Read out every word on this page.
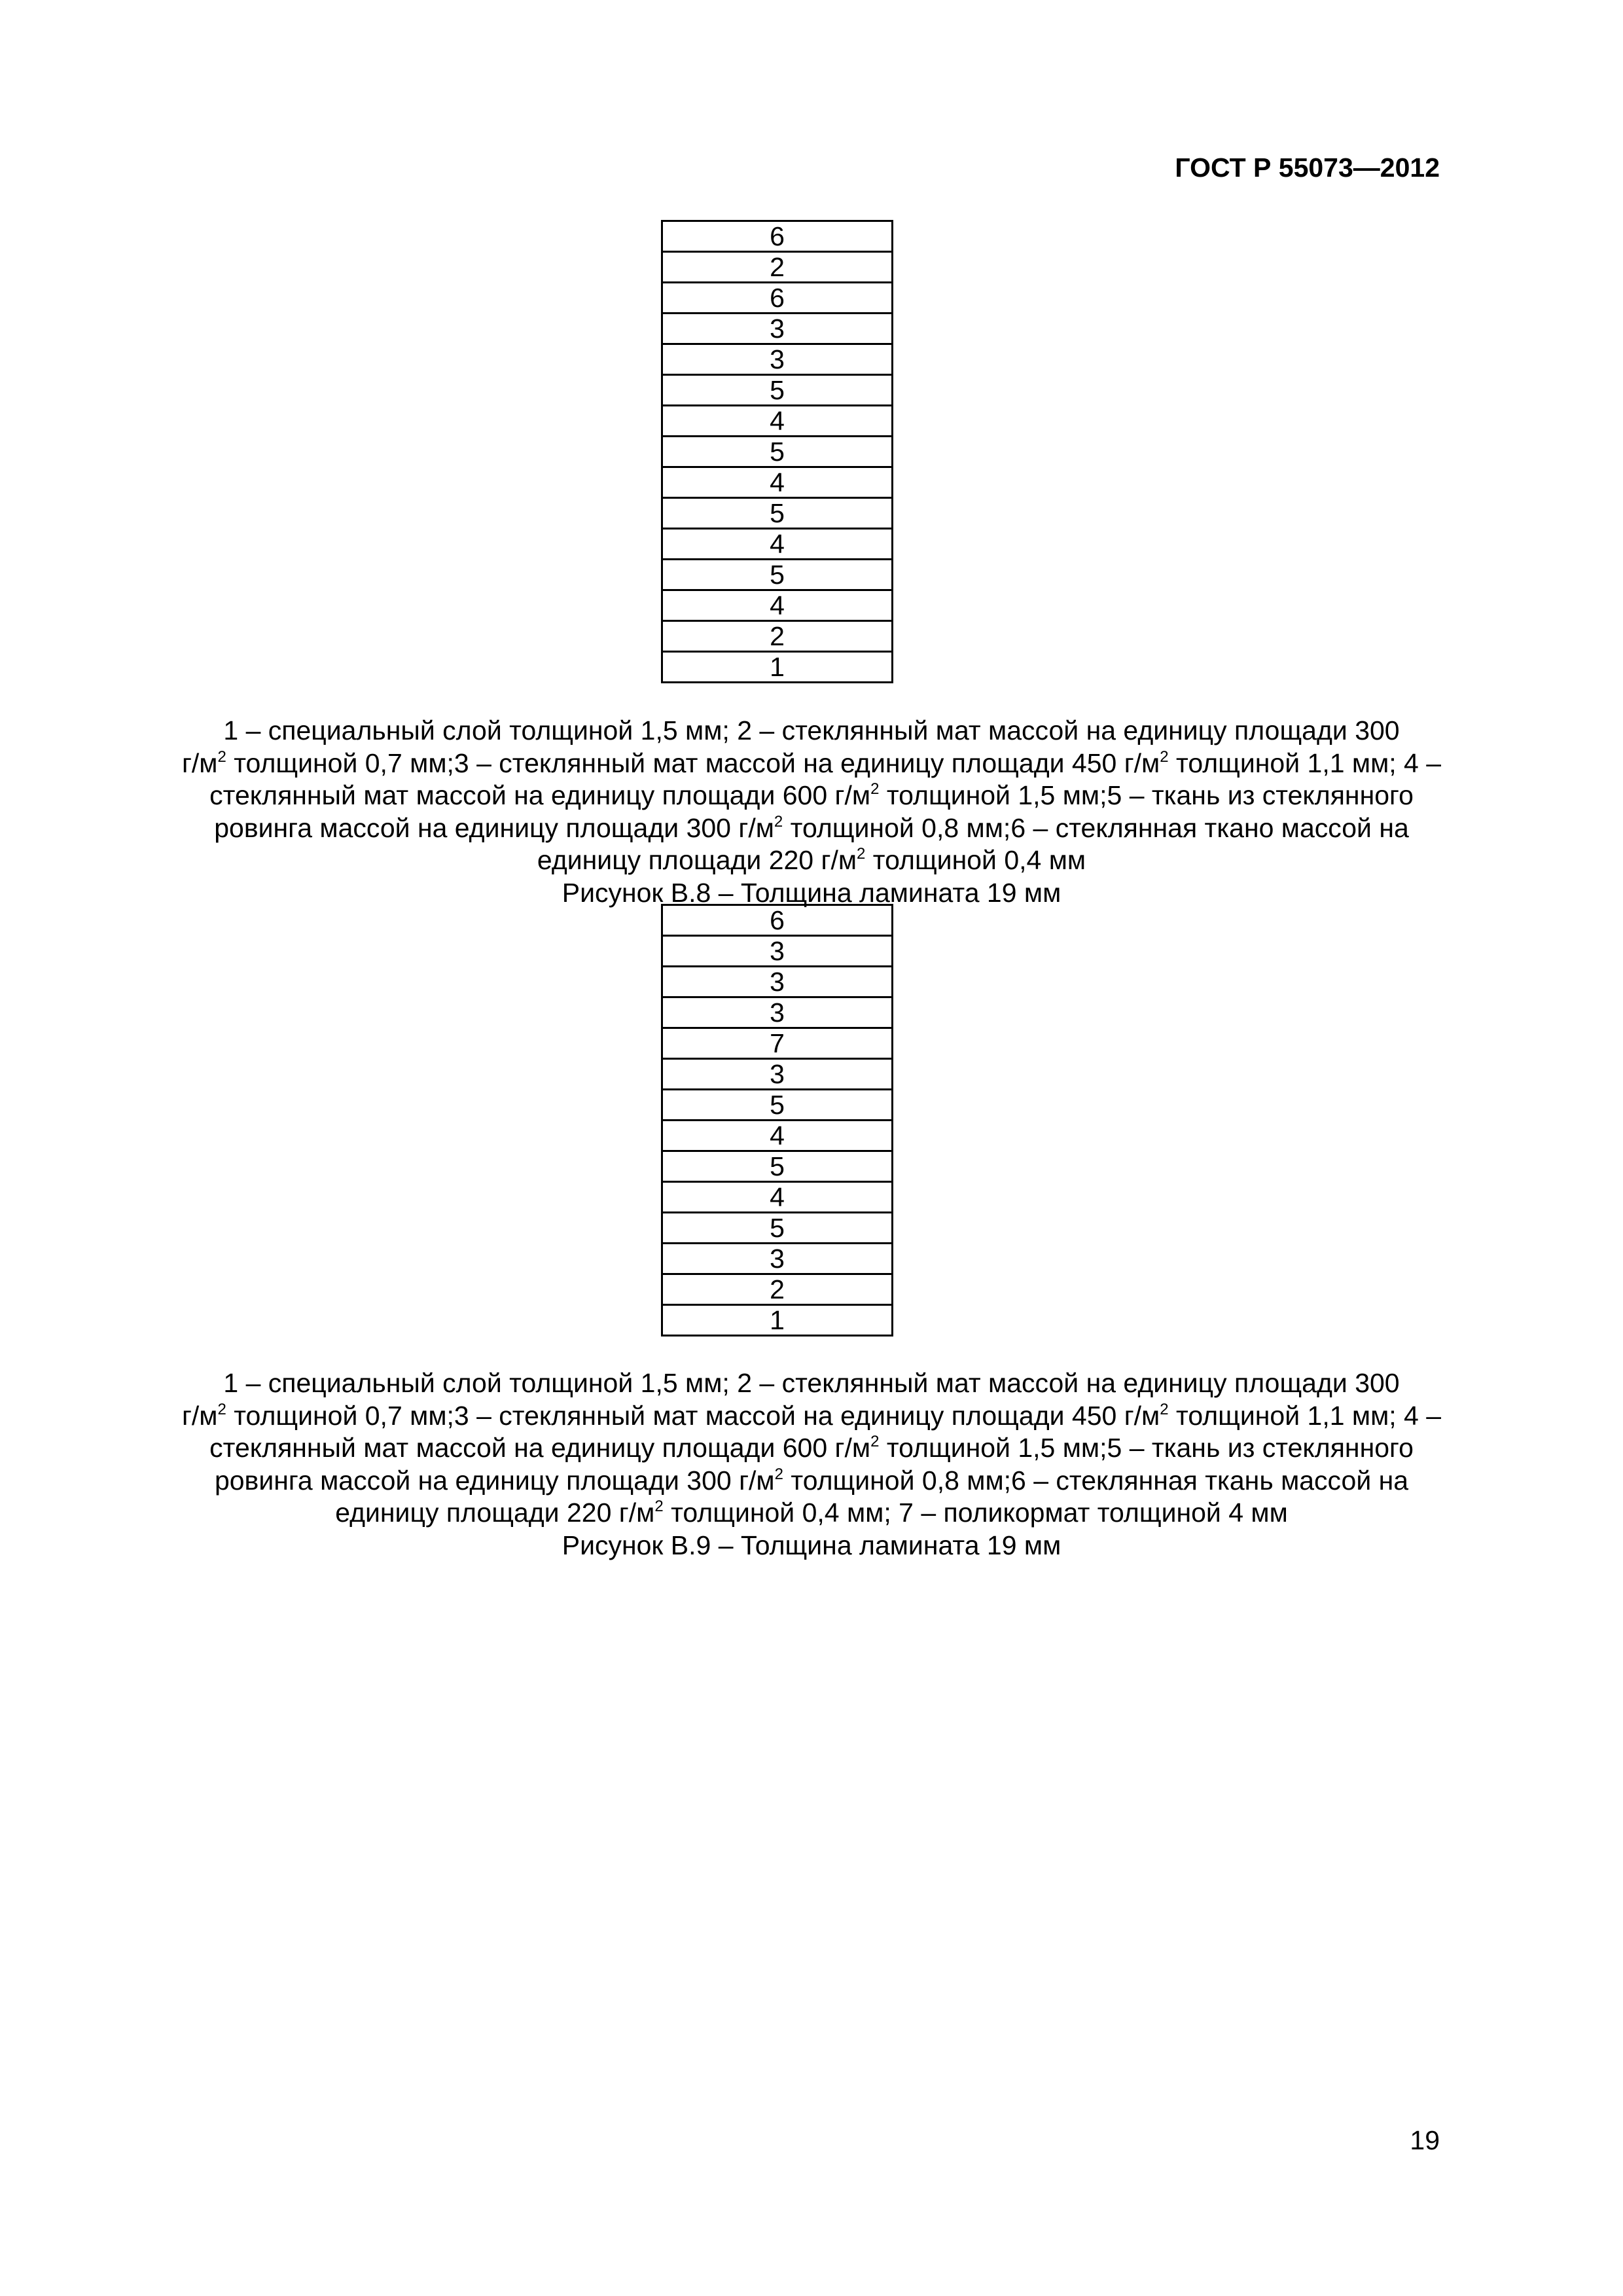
ГОСТ Р 55073—2012
6
2
6
3
3
5
4
5
4
5
4
5
4
2
1
1 – специальный слой толщиной 1,5 мм; 2 – стеклянный мат массой на единицу площади 300
$г/м^2$ толщиной 0,7 мм;3 – стеклянный мат массой на единицу площади 450 $г/м^2$ толщиной 1,1 мм; 4 –
стеклянный мат массой на единицу площади 600 $г/м^2$ толщиной 1,5 мм;5 – ткань из стеклянного
ровинга массой на единицу площади 300 $г/м^2$ толщиной 0,8 мм;6 – стеклянная ткано массой на
единицу площади 220 $г/м^2$ толщиной 0,4 мм
Рисунок В.8 – Толщина ламината 19 мм
6
3
3
3
7
3
5
4
5
4
5
3
2
1
1 – специальный слой толщиной 1,5 мм; 2 – стеклянный мат массой на единицу площади 300
$г/м^2$ толщиной 0,7 мм;3 – стеклянный мат массой на единицу площади 450 $г/м^2$ толщиной 1,1 мм; 4 –
стеклянный мат массой на единицу площади 600 $г/м^2$ толщиной 1,5 мм;5 – ткань из стеклянного
ровинга массой на единицу площади 300 $г/м^2$ толщиной 0,8 мм;6 – стеклянная ткань массой на
единицу площади 220 $г/м^2$ толщиной 0,4 мм; 7 – поликормат толщиной 4 мм
Рисунок В.9 – Толщина ламината 19 мм
19
